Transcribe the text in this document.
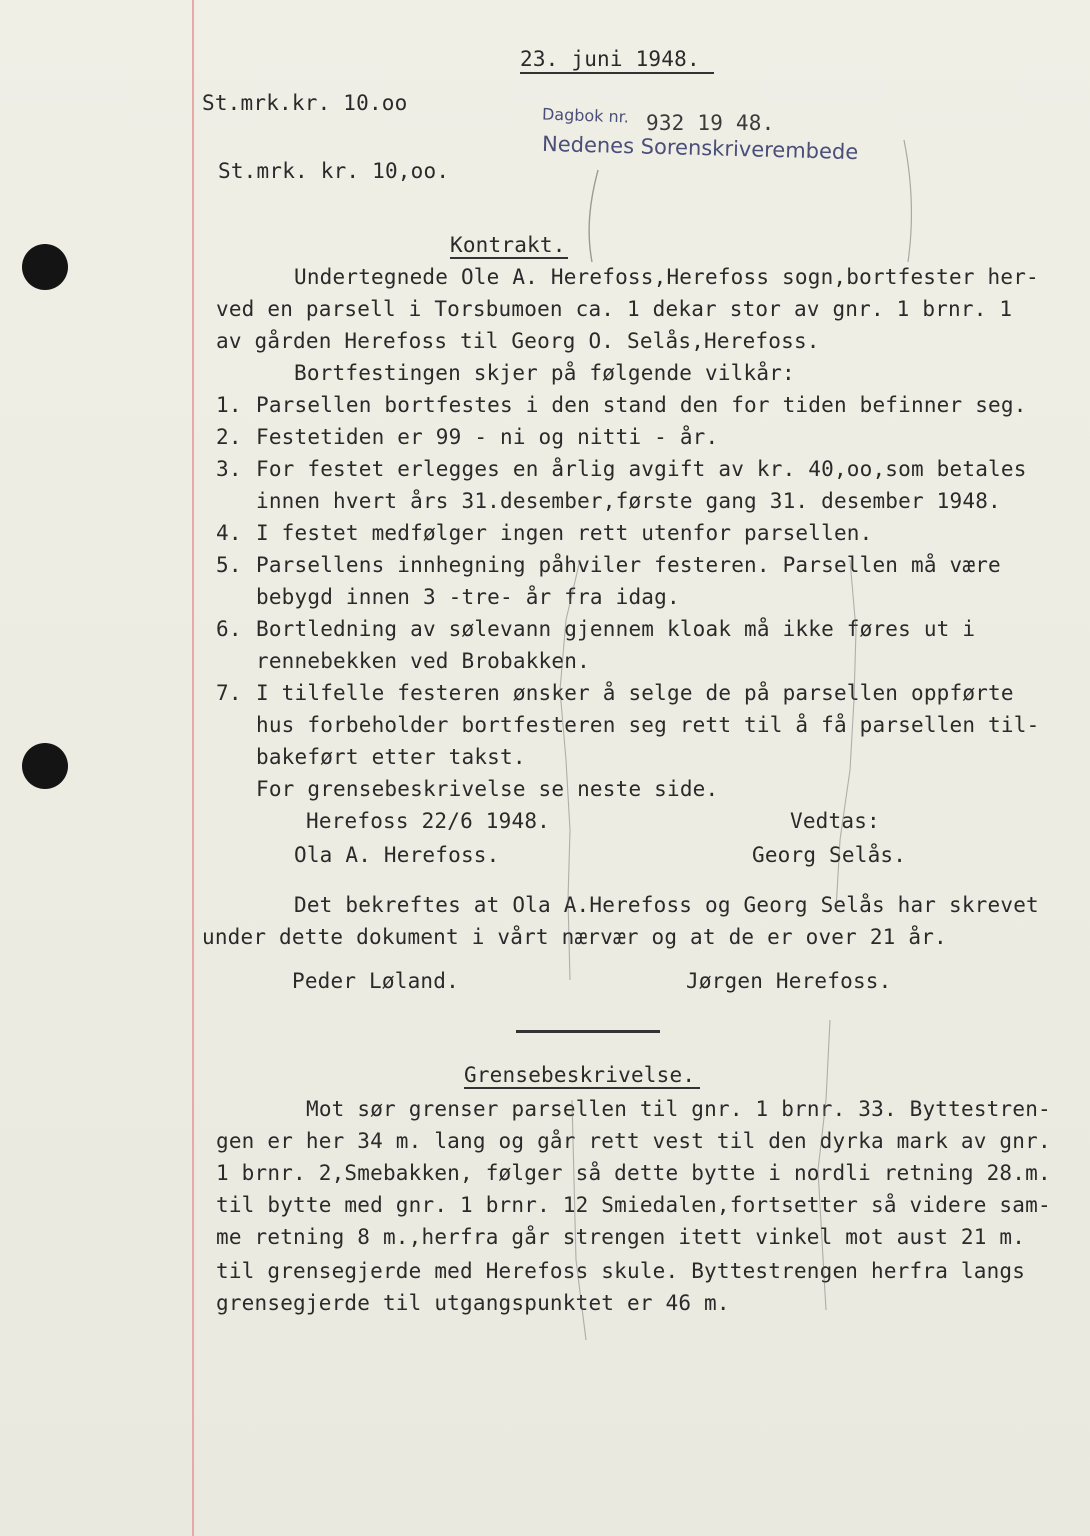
23. juni 1948.
St.mrk.kr. 10.oo
Dagbok nr. 932 19 48.
Nedenes Sorenskriverembede
St.mrk. kr. 10,oo.
Kontrakt.
Undertegnede Ole A. Herefoss,Herefoss sogn,bortfester her-
ved en parsell i Torsbumoen ca. 1 dekar stor av gnr. 1 brnr. 1
av gården Herefoss til Georg O. Selås,Herefoss.
Bortfestingen skjer på følgende vilkår:
1. Parsellen bortfestes i den stand den for tiden befinner seg.
2. Festetiden er 99 - ni og nitti - år.
3. For festet erlegges en årlig avgift av kr. 40,oo,som betales
innen hvert års 31.desember,første gang 31. desember 1948.
4. I festet medfølger ingen rett utenfor parsellen.
5. Parsellens innhegning påhviler festeren. Parsellen må være
bebygd innen 3 -tre- år fra idag.
6. Bortledning av sølevann gjennem kloak må ikke føres ut i
rennebekken ved Brobakken.
7. I tilfelle festeren ønsker å selge de på parsellen oppførte
hus forbeholder bortfesteren seg rett til å få parsellen til-
bakeført etter takst.
For grensebeskrivelse se neste side.
Herefoss 22/6 1948.	Vedtas:
Ola A. Herefoss.	Georg Selås.
Det bekreftes at Ola A.Herefoss og Georg Selås har skrevet
under dette dokument i vårt nærvær og at de er over 21 år.
Peder Løland.	Jørgen Herefoss.
Grensebeskrivelse.
Mot sør grenser parsellen til gnr. 1 brnr. 33. Byttestren-
gen er her 34 m. lang og går rett vest til den dyrka mark av gnr.
1 brnr. 2,Smebakken, følger så dette bytte i nordli retning 28.m.
til bytte med gnr. 1 brnr. 12 Smiedalen,fortsetter så videre sam-
me retning 8 m.,herfra går strengen itett vinkel mot aust 21 m.
til grensegjerde med Herefoss skule. Byttestrengen herfra langs
grensegjerde til utgangspunktet er 46 m.
